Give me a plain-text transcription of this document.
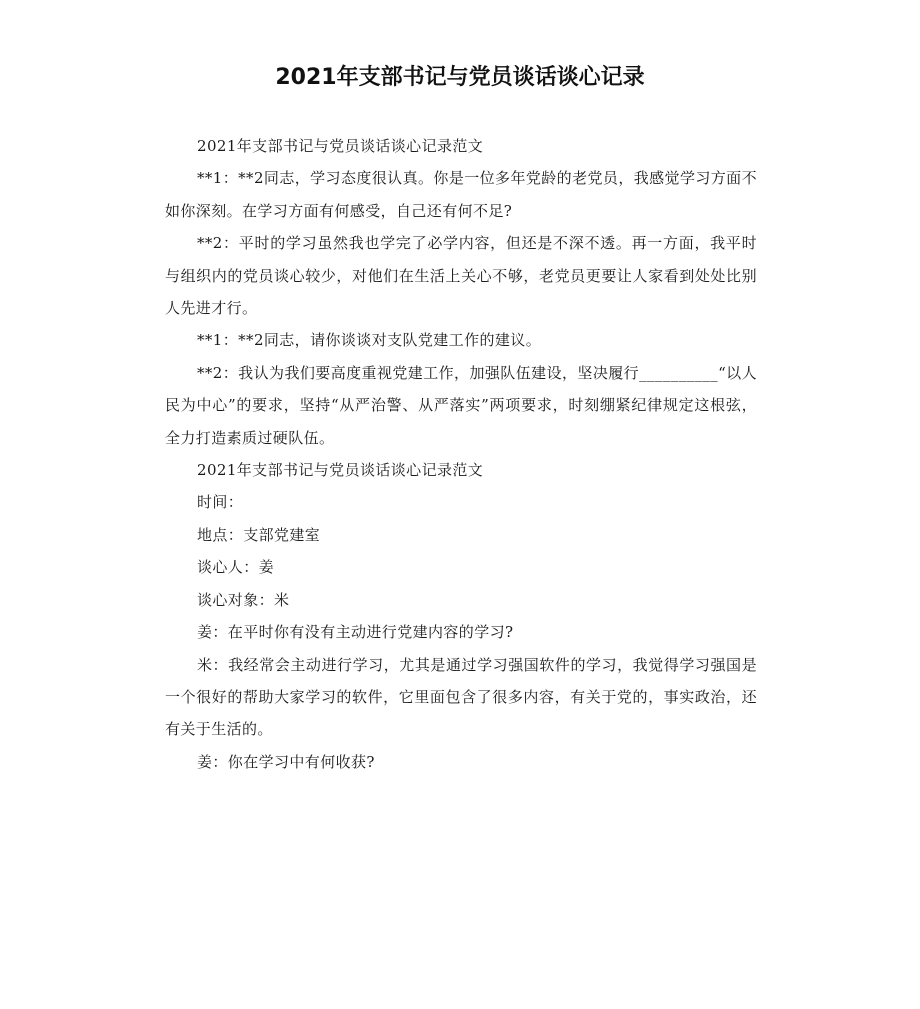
2021年支部书记与党员谈话谈心记录

2021年支部书记与党员谈话谈心记录范文

**1：**2同志，学习态度很认真。你是一位多年党龄的老党员，我感觉学习方面不如你深刻。在学习方面有何感受，自己还有何不足?

**2：平时的学习虽然我也学完了必学内容，但还是不深不透。再一方面，我平时与组织内的党员谈心较少，对他们在生活上关心不够，老党员更要让人家看到处处比别人先进才行。

**1：**2同志，请你谈谈对支队党建工作的建议。

**2：我认为我们要高度重视党建工作，加强队伍建设，坚决履行__________“以人民为中心”的要求，坚持“从严治警、从严落实”两项要求，时刻绷紧纪律规定这根弦，全力打造素质过硬队伍。

2021年支部书记与党员谈话谈心记录范文

时间：

地点：支部党建室

谈心人：姜

谈心对象：米

姜：在平时你有没有主动进行党建内容的学习?

米：我经常会主动进行学习，尤其是通过学习强国软件的学习，我觉得学习强国是一个很好的帮助大家学习的软件，它里面包含了很多内容，有关于党的，事实政治，还有关于生活的。

姜：你在学习中有何收获?
